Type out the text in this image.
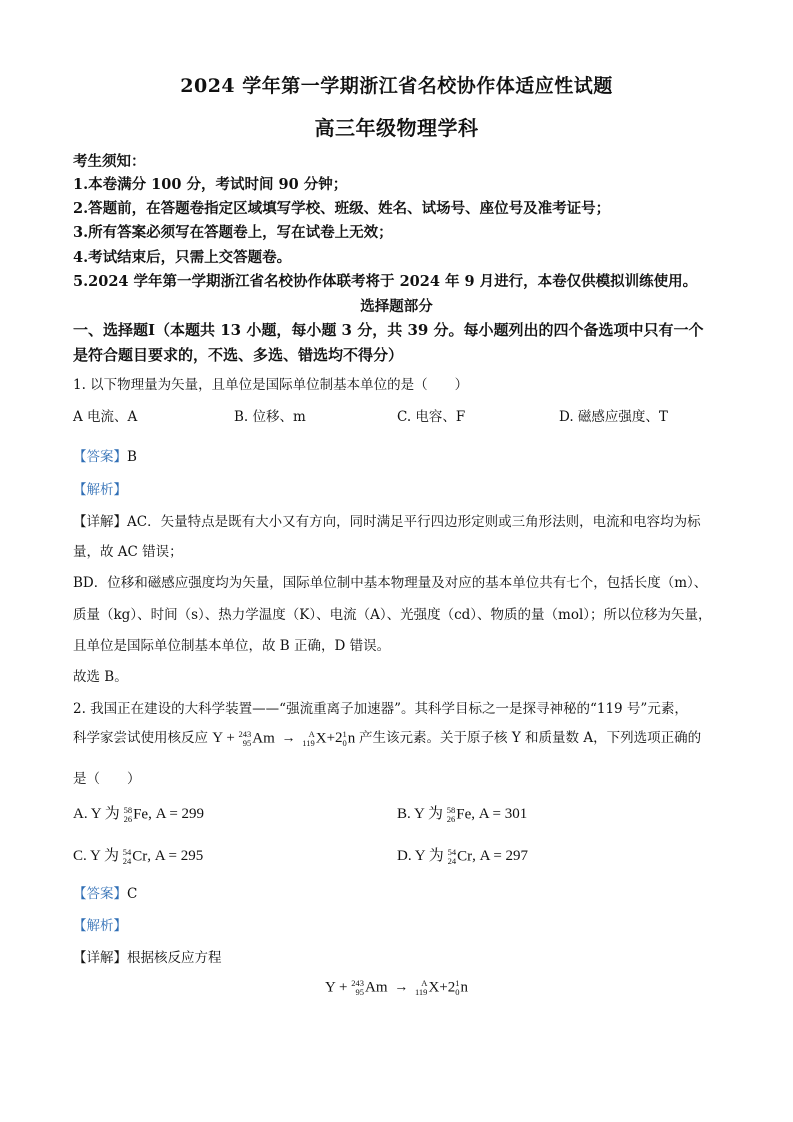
2024 学年第一学期浙江省名校协作体适应性试题
高三年级物理学科
考生须知：
1.本卷满分 100 分，考试时间 90 分钟；
2.答题前，在答题卷指定区域填写学校、班级、姓名、试场号、座位号及准考证号；
3.所有答案必须写在答题卷上，写在试卷上无效；
4.考试结束后，只需上交答题卷。
5.2024 学年第一学期浙江省名校协作体联考将于 2024 年 9 月进行，本卷仅供模拟训练使用。
选择题部分
一、选择题Ⅰ（本题共 13 小题，每小题 3 分，共 39 分。每小题列出的四个备选项中只有一个
是符合题目要求的，不选、多选、错选均不得分）
1. 以下物理量为矢量，且单位是国际单位制基本单位的是（　　）
A 电流、A	B. 位移、m	C. 电容、F	D. 磁感应强度、T
【答案】B
【解析】
【详解】AC．矢量特点是既有大小又有方向，同时满足平行四边形定则或三角形法则，电流和电容均为标
量，故 AC 错误；
BD．位移和磁感应强度均为矢量，国际单位制中基本物理量及对应的基本单位共有七个，包括长度（m）、
质量（kg）、时间（s）、热力学温度（K）、电流（A）、光强度（cd）、物质的量（mol）；所以位移为矢量，
且单位是国际单位制基本单位，故 B 正确，D 错误。
故选 B。
2. 我国正在建设的大科学装置——“强流重离子加速器”。其科学目标之一是探寻神秘的“119 号”元素，
科学家尝试使用核反应 Y + 243
95 Am → A
119 X+2 1
0 n 产生该元素。关于原子核 Y 和质量数 A，下列选项正确的
是（　　）
A. Y 为 58
26 Fe, A = 299	B. Y 为 58
26 Fe, A = 301
C. Y 为 54
24 Cr, A = 295	D. Y 为 54
24 Cr, A = 297
【答案】C
【解析】
【详解】根据核反应方程
Y + 243
95 Am → A
119 X+2 1
0 n
